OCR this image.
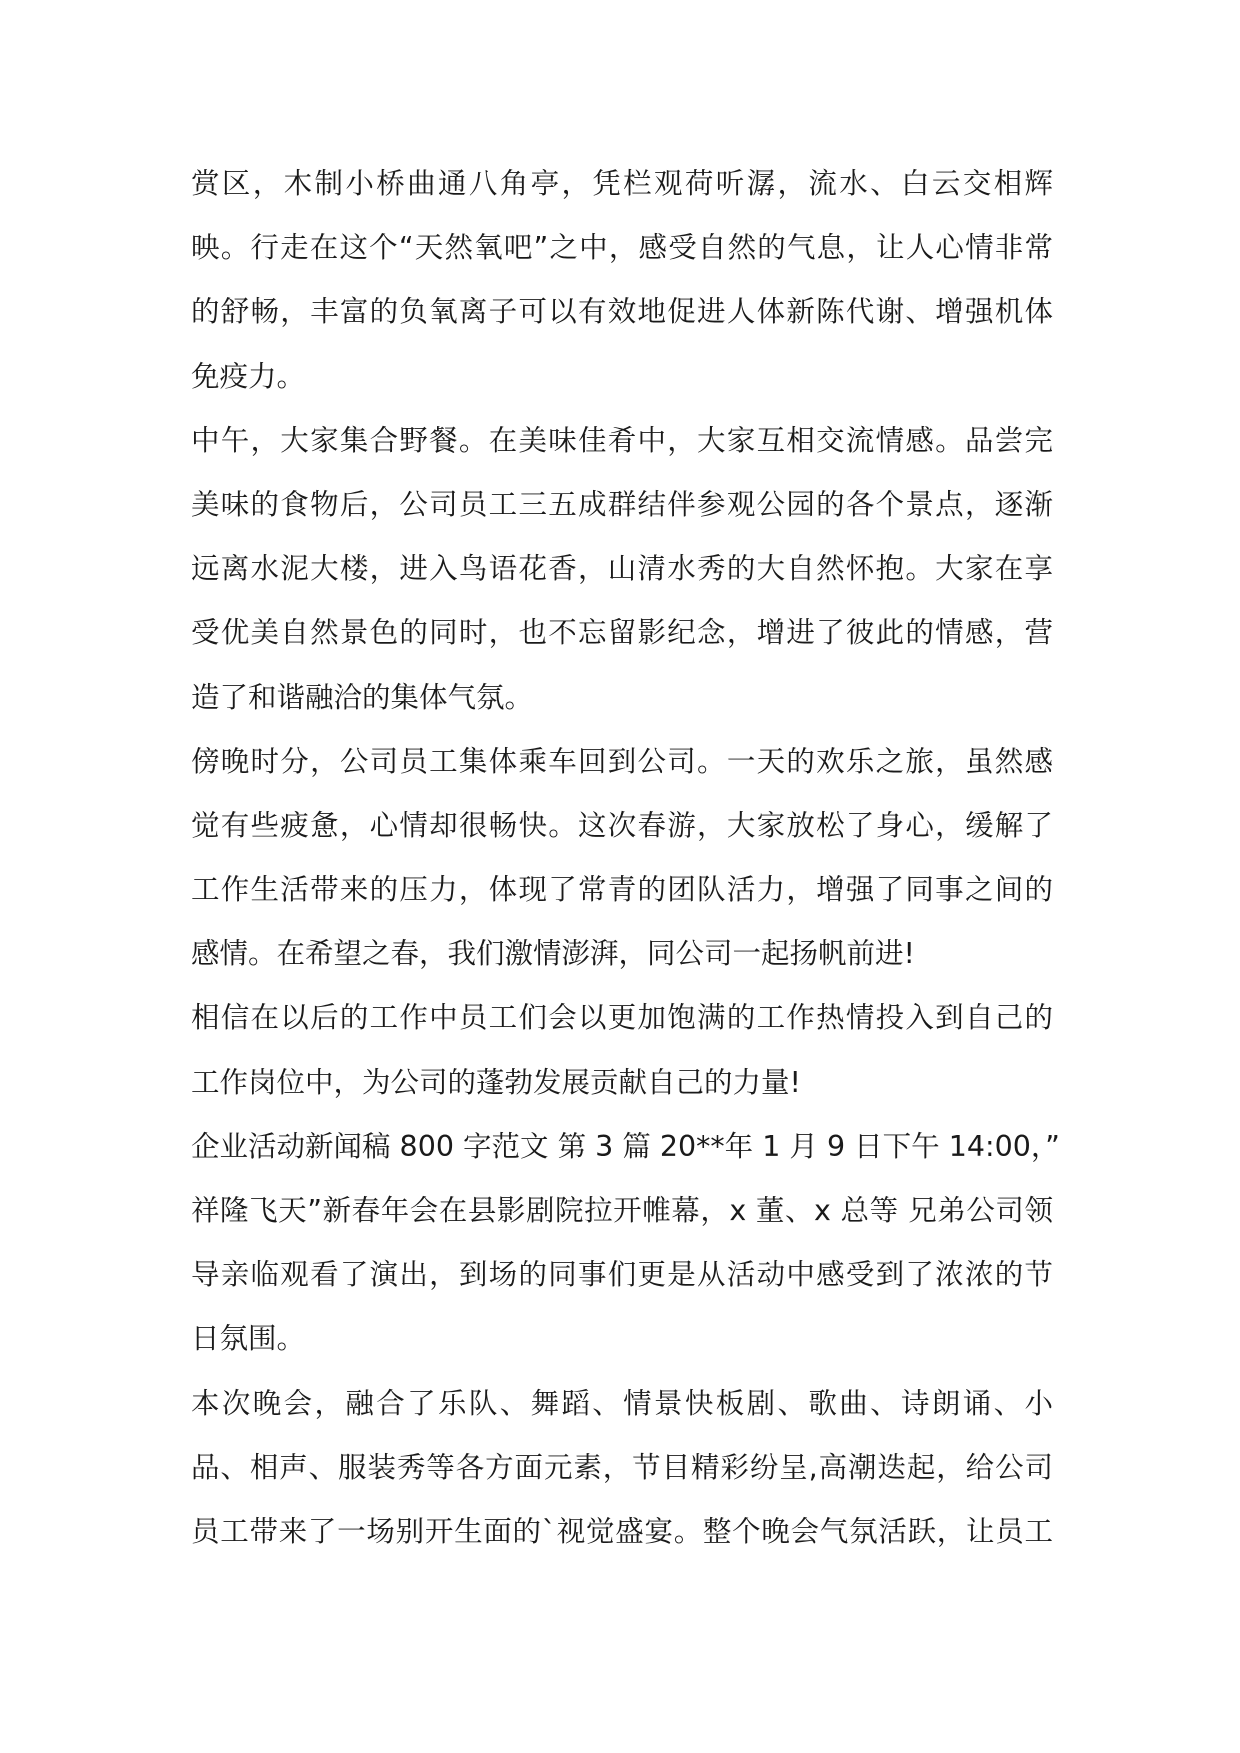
赏区，木制小桥曲通八角亭，凭栏观荷听潺，流水、白云交相辉
映。行走在这个“天然氧吧”之中，感受自然的气息，让人心情非常
的舒畅，丰富的负氧离子可以有效地促进人体新陈代谢、增强机体
免疫力。
中午，大家集合野餐。在美味佳肴中，大家互相交流情感。品尝完
美味的食物后，公司员工三五成群结伴参观公园的各个景点，逐渐
远离水泥大楼，进入鸟语花香，山清水秀的大自然怀抱。大家在享
受优美自然景色的同时，也不忘留影纪念，增进了彼此的情感，营
造了和谐融洽的集体气氛。
傍晚时分，公司员工集体乘车回到公司。一天的欢乐之旅，虽然感
觉有些疲惫，心情却很畅快。这次春游，大家放松了身心，缓解了
工作生活带来的压力，体现了常青的团队活力，增强了同事之间的
感情。在希望之春，我们激情澎湃，同公司一起扬帆前进!
相信在以后的工作中员工们会以更加饱满的工作热情投入到自己的
工作岗位中，为公司的蓬勃发展贡献自己的力量!
企业活动新闻稿 800 字范文 第 3 篇 20**年 1 月 9 日下午 14:00，”
祥隆飞天”新春年会在县影剧院拉开帷幕，x 董、x 总等 兄弟公司领
导亲临观看了演出，到场的同事们更是从活动中感受到了浓浓的节
日氛围。
本次晚会，融合了乐队、舞蹈、情景快板剧、歌曲、诗朗诵、小
品、相声、服装秀等各方面元素，节目精彩纷呈,高潮迭起，给公司
员工带来了一场别开生面的`视觉盛宴。整个晚会气氛活跃，让员工
